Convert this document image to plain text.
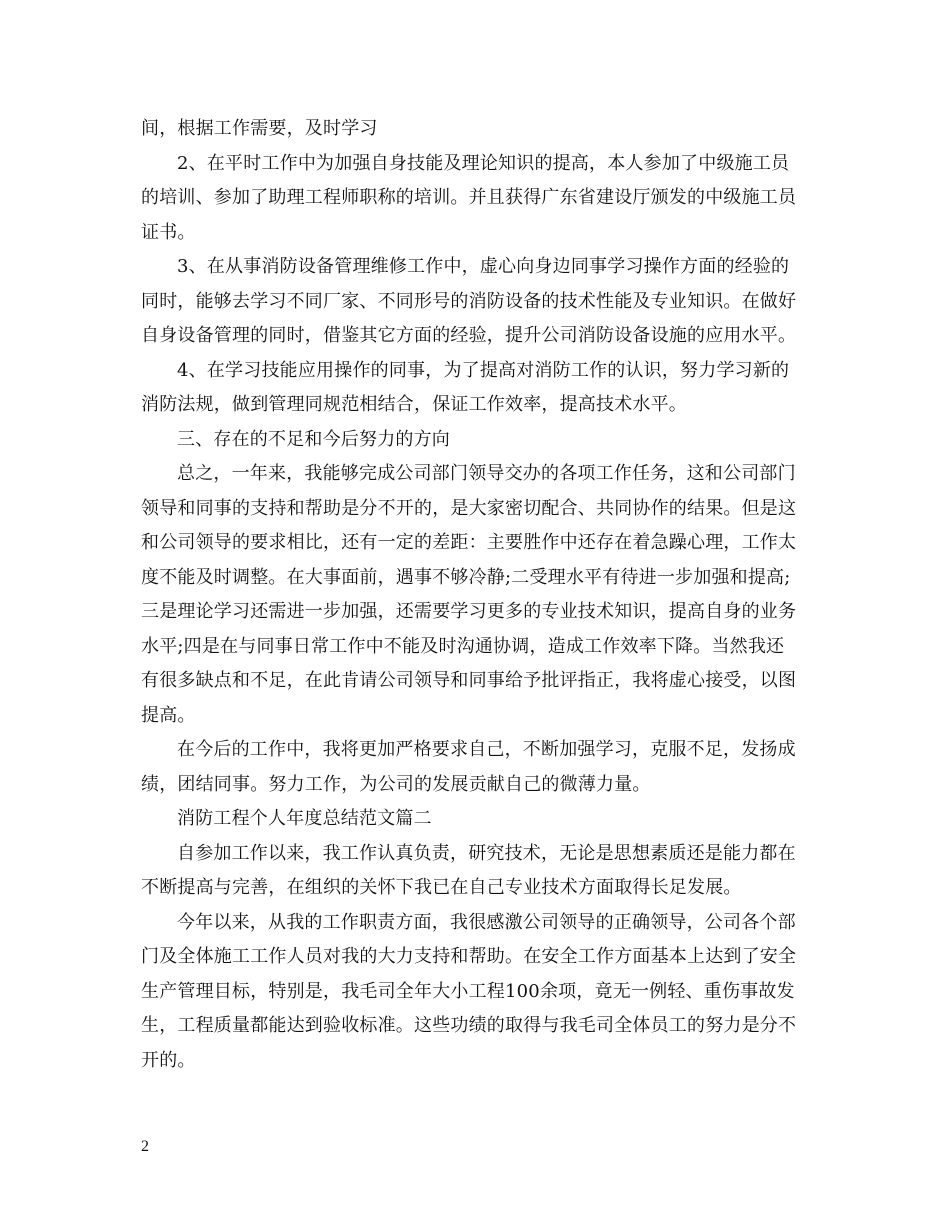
间，根据工作需要，及时学习
2、在平时工作中为加强自身技能及理论知识的提高，本人参加了中级施工员
的培训、参加了助理工程师职称的培训。并且获得广东省建设厅颁发的中级施工员
证书。
3、在从事消防设备管理维修工作中，虚心向身边同事学习操作方面的经验的
同时，能够去学习不同厂家、不同形号的消防设备的技术性能及专业知识。在做好
自身设备管理的同时，借鉴其它方面的经验，提升公司消防设备设施的应用水平。
4、在学习技能应用操作的同事，为了提高对消防工作的认识，努力学习新的
消防法规，做到管理同规范相结合，保证工作效率，提高技术水平。
三、存在的不足和今后努力的方向
总之，一年来，我能够完成公司部门领导交办的各项工作任务，这和公司部门
领导和同事的支持和帮助是分不开的，是大家密切配合、共同协作的结果。但是这
和公司领导的要求相比，还有一定的差距：主要胜作中还存在着急躁心理，工作太
度不能及时调整。在大事面前，遇事不够冷静;二受理水平有待进一步加强和提高;
三是理论学习还需进一步加强，还需要学习更多的专业技术知识，提高自身的业务
水平;四是在与同事日常工作中不能及时沟通协调，造成工作效率下降。当然我还
有很多缺点和不足，在此肯请公司领导和同事给予批评指正，我将虚心接受，以图
提高。
在今后的工作中，我将更加严格要求自己，不断加强学习，克服不足，发扬成
绩，团结同事。努力工作，为公司的发展贡献自己的微薄力量。
消防工程个人年度总结范文篇二
自参加工作以来，我工作认真负责，研究技术，无论是思想素质还是能力都在
不断提高与完善，在组织的关怀下我已在自己专业技术方面取得长足发展。
今年以来，从我的工作职责方面，我很感激公司领导的正确领导，公司各个部
门及全体施工工作人员对我的大力支持和帮助。在安全工作方面基本上达到了安全
生产管理目标，特别是，我毛司全年大小工程100余项，竟无一例轻、重伤事故发
生，工程质量都能达到验收标准。这些功绩的取得与我毛司全体员工的努力是分不
开的。
2
